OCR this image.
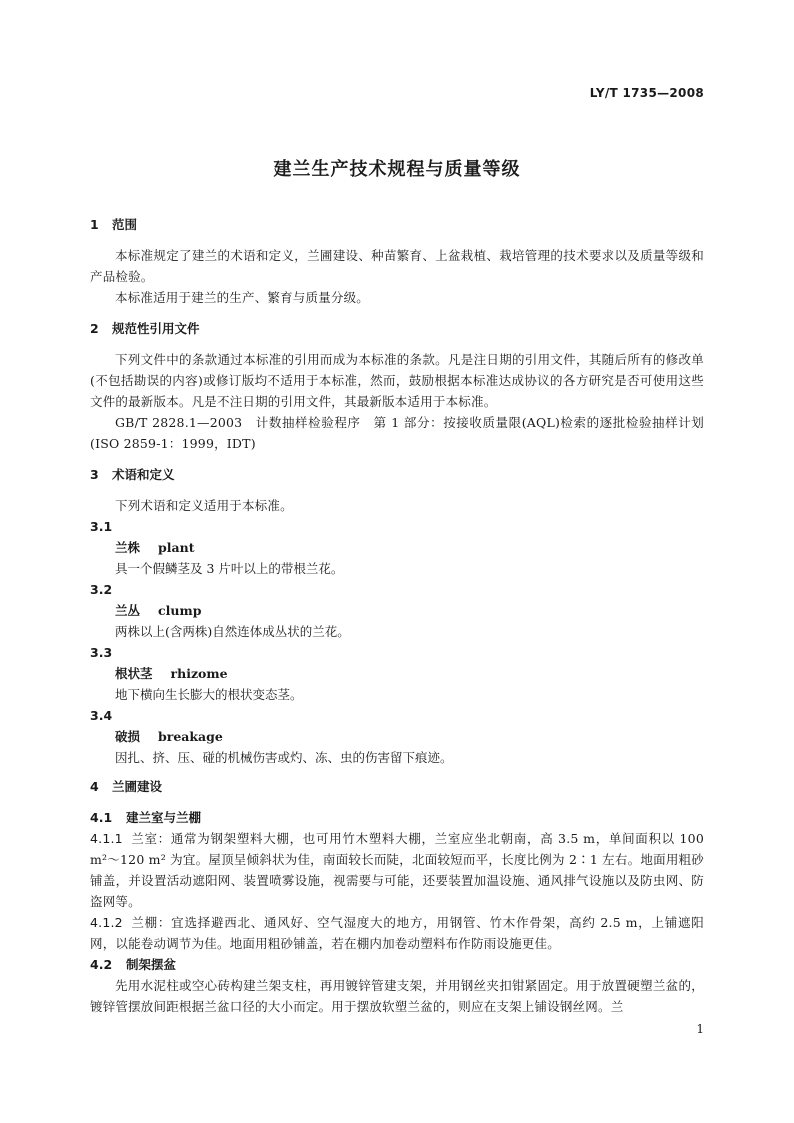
LY/T 1735—2008
建兰生产技术规程与质量等级
1 范围

本标准规定了建兰的术语和定义，兰圃建设、种苗繁育、上盆栽植、栽培管理的技术要求以及质量等级和产品检验。

本标准适用于建兰的生产、繁育与质量分级。

2 规范性引用文件

下列文件中的条款通过本标准的引用而成为本标准的条款。凡是注日期的引用文件，其随后所有的修改单(不包括勘误的内容)或修订版均不适用于本标准，然而，鼓励根据本标准达成协议的各方研究是否可使用这些文件的最新版本。凡是不注日期的引用文件，其最新版本适用于本标准。

GB/T 2828.1—2003　计数抽样检验程序　第 1 部分：按接收质量限(AQL)检索的逐批检验抽样计划(ISO 2859-1：1999，IDT)

3 术语和定义

下列术语和定义适用于本标准。

3.1
兰株 plant
具一个假鳞茎及 3 片叶以上的带根兰花。
3.2
兰丛 clump
两株以上(含两株)自然连体成丛状的兰花。
3.3
根状茎 rhizome
地下横向生长膨大的根状变态茎。
3.4
破损 breakage
因扎、挤、压、碰的机械伤害或灼、冻、虫的伤害留下痕迹。
4 兰圃建设
4.1 建兰室与兰棚

4.1.1 兰室：通常为钢架塑料大棚，也可用竹木塑料大棚，兰室应坐北朝南，高 3.5 m，单间面积以 100 m²～120 m² 为宜。屋顶呈倾斜状为佳，南面较长而陡，北面较短而平，长度比例为 2∶1 左右。地面用粗砂铺盖，并设置活动遮阳网、装置喷雾设施，视需要与可能，还要装置加温设施、通风排气设施以及防虫网、防盗网等。

4.1.2 兰棚：宜选择避西北、通风好、空气湿度大的地方，用钢管、竹木作骨架，高约 2.5 m，上铺遮阳网，以能卷动调节为佳。地面用粗砂铺盖，若在棚内加卷动塑料布作防雨设施更佳。

4.2 制架摆盆

先用水泥柱或空心砖构建兰架支柱，再用镀锌管建支架，并用钢丝夹扣钳紧固定。用于放置硬塑兰盆的，镀锌管摆放间距根据兰盆口径的大小而定。用于摆放软塑兰盆的，则应在支架上铺设钢丝网。兰

1
